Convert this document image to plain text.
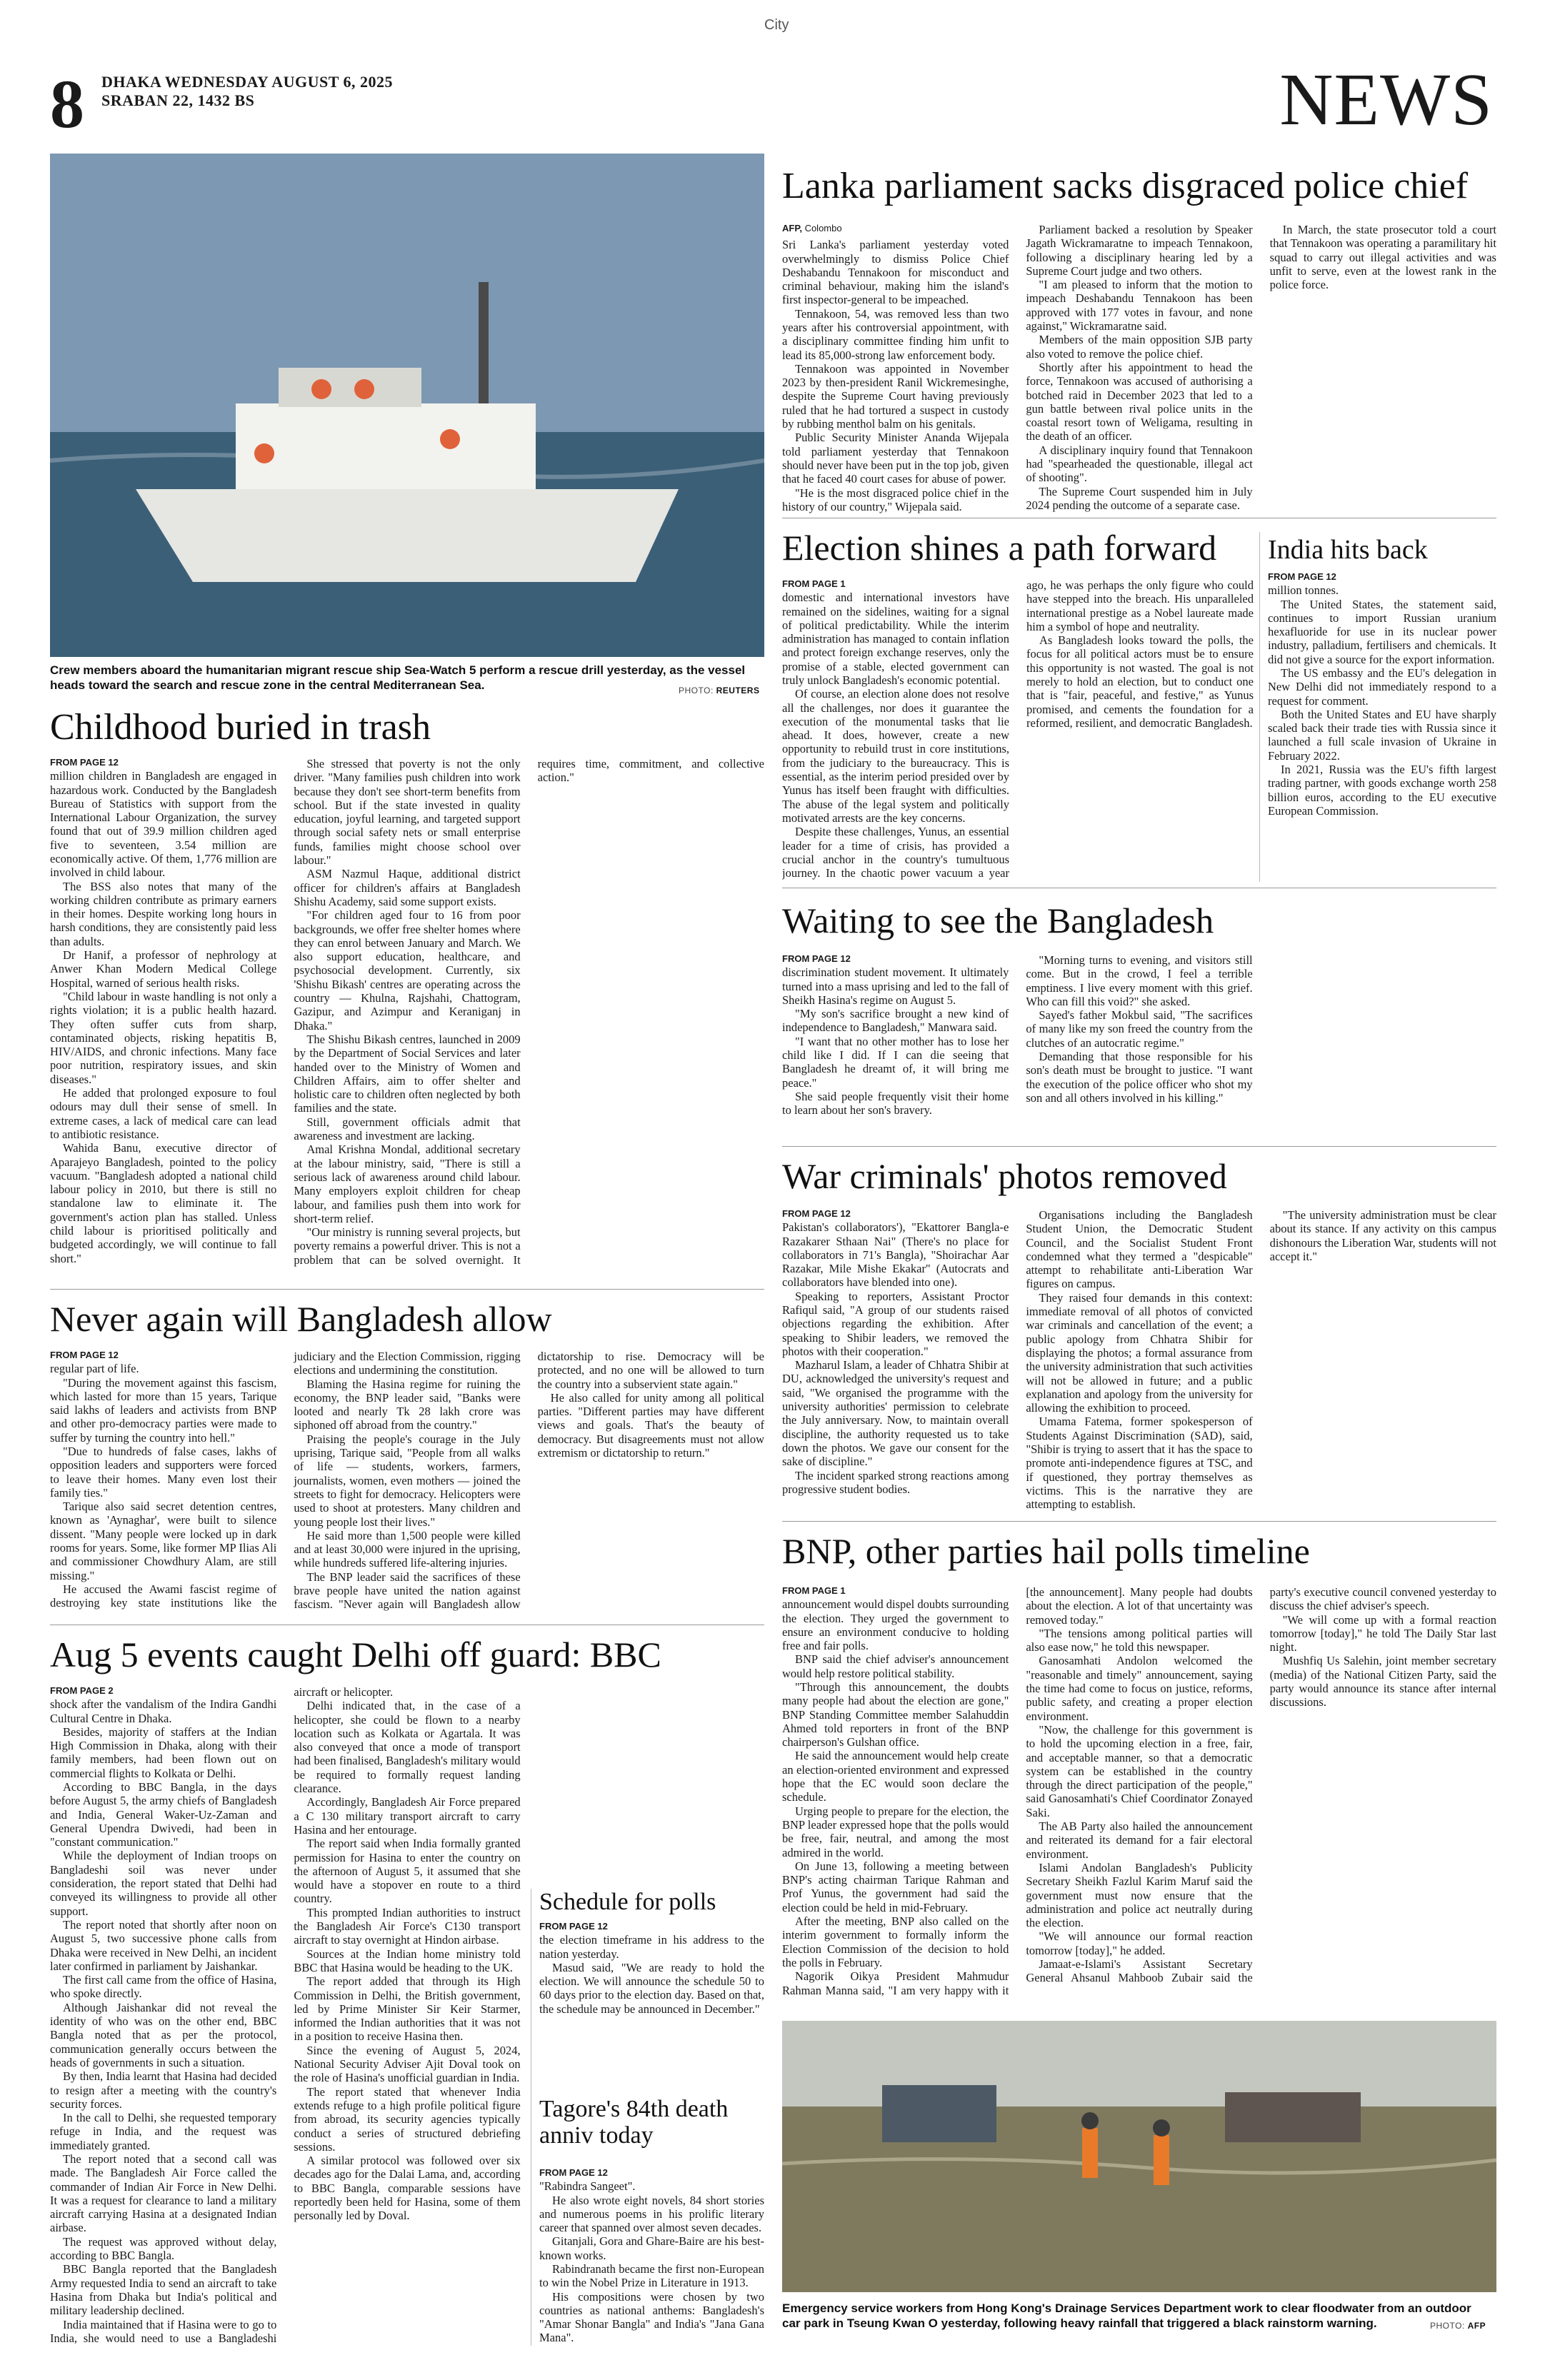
City
8 DHAKA WEDNESDAY AUGUST 6, 2025
SRABAN 22, 1432 BS	NEWS
Crew members aboard the humanitarian migrant rescue ship Sea-Watch 5 perform a rescue drill yesterday, as the vessel heads toward the search and rescue zone in the central Mediterranean Sea.	PHOTO: REUTERS
Lanka parliament sacks disgraced police chief
AFP, Colombo

Sri Lanka's parliament yesterday voted overwhelmingly to dismiss Police Chief Deshabandu Tennakoon for misconduct and criminal behaviour, making him the island's first inspector-general to be impeached.

Tennakoon, 54, was removed less than two years after his controversial appointment, with a disciplinary committee finding him unfit to lead its 85,000-strong law enforcement body.

Tennakoon was appointed in November 2023 by then-president Ranil Wickremesinghe, despite the Supreme Court having previously ruled that he had tortured a suspect in custody by rubbing menthol balm on his genitals.

Public Security Minister Ananda Wijepala told parliament yesterday that Tennakoon should never have been put in the top job, given that he faced 40 court cases for abuse of power.

"He is the most disgraced police chief in the history of our country," Wijepala said.

Parliament backed a resolution by Speaker Jagath Wickramaratne to impeach Tennakoon, following a disciplinary hearing led by a Supreme Court judge and two others.

"I am pleased to inform that the motion to impeach Deshabandu Tennakoon has been approved with 177 votes in favour, and none against," Wickramaratne said.

Members of the main opposition SJB party also voted to remove the police chief.

Shortly after his appointment to head the force, Tennakoon was accused of authorising a botched raid in December 2023 that led to a gun battle between rival police units in the coastal resort town of Weligama, resulting in the death of an officer.

A disciplinary inquiry found that Tennakoon had "spearheaded the questionable, illegal act of shooting".

The Supreme Court suspended him in July 2024 pending the outcome of a separate case.

In March, the state prosecutor told a court that Tennakoon was operating a paramilitary hit squad to carry out illegal activities and was unfit to serve, even at the lowest rank in the police force.

Election shines a path forward
FROM PAGE 1

domestic and international investors have remained on the sidelines, waiting for a signal of political predictability. While the interim administration has managed to contain inflation and protect foreign exchange reserves, only the promise of a stable, elected government can truly unlock Bangladesh's economic potential.

Of course, an election alone does not resolve all the challenges, nor does it guarantee the execution of the monumental tasks that lie ahead. It does, however, create a new opportunity to rebuild trust in core institutions, from the judiciary to the bureaucracy. This is essential, as the interim period presided over by Yunus has itself been fraught with difficulties. The abuse of the legal system and politically motivated arrests are the key concerns.

Despite these challenges, Yunus, an essential leader for a time of crisis, has provided a crucial anchor in the country's tumultuous journey. In the chaotic power vacuum a year ago, he was perhaps the only figure who could have stepped into the breach. His unparalleled international prestige as a Nobel laureate made him a symbol of hope and neutrality.

As Bangladesh looks toward the polls, the focus for all political actors must be to ensure this opportunity is not wasted. The goal is not merely to hold an election, but to conduct one that is "fair, peaceful, and festive," as Yunus promised, and cements the foundation for a reformed, resilient, and democratic Bangladesh.

India hits back
FROM PAGE 12

million tonnes.

The United States, the statement said, continues to import Russian uranium hexafluoride for use in its nuclear power industry, palladium, fertilisers and chemicals. It did not give a source for the export information.

The US embassy and the EU's delegation in New Delhi did not immediately respond to a request for comment.

Both the United States and EU have sharply scaled back their trade ties with Russia since it launched a full scale invasion of Ukraine in February 2022.

In 2021, Russia was the EU's fifth largest trading partner, with goods exchange worth 258 billion euros, according to the EU executive European Commission.

Childhood buried in trash
FROM PAGE 12

million children in Bangladesh are engaged in hazardous work. Conducted by the Bangladesh Bureau of Statistics with support from the International Labour Organization, the survey found that out of 39.9 million children aged five to seventeen, 3.54 million are economically active. Of them, 1,776 million are involved in child labour.

The BSS also notes that many of the working children contribute as primary earners in their homes. Despite working long hours in harsh conditions, they are consistently paid less than adults.

Dr Hanif, a professor of nephrology at Anwer Khan Modern Medical College Hospital, warned of serious health risks.

"Child labour in waste handling is not only a rights violation; it is a public health hazard. They often suffer cuts from sharp, contaminated objects, risking hepatitis B, HIV/AIDS, and chronic infections. Many face poor nutrition, respiratory issues, and skin diseases."

He added that prolonged exposure to foul odours may dull their sense of smell. In extreme cases, a lack of medical care can lead to antibiotic resistance.

Wahida Banu, executive director of Aparajeyo Bangladesh, pointed to the policy vacuum. "Bangladesh adopted a national child labour policy in 2010, but there is still no standalone law to eliminate it. The government's action plan has stalled. Unless child labour is prioritised politically and budgeted accordingly, we will continue to fall short."

She stressed that poverty is not the only driver. "Many families push children into work because they don't see short-term benefits from school. But if the state invested in quality education, joyful learning, and targeted support through social safety nets or small enterprise funds, families might choose school over labour."

ASM Nazmul Haque, additional district officer for children's affairs at Bangladesh Shishu Academy, said some support exists.

"For children aged four to 16 from poor backgrounds, we offer free shelter homes where they can enrol between January and March. We also support education, healthcare, and psychosocial development. Currently, six 'Shishu Bikash' centres are operating across the country — Khulna, Rajshahi, Chattogram, Gazipur, and Azimpur and Keraniganj in Dhaka."

The Shishu Bikash centres, launched in 2009 by the Department of Social Services and later handed over to the Ministry of Women and Children Affairs, aim to offer shelter and holistic care to children often neglected by both families and the state.

Still, government officials admit that awareness and investment are lacking.

Amal Krishna Mondal, additional secretary at the labour ministry, said, "There is still a serious lack of awareness around child labour. Many employers exploit children for cheap labour, and families push them into work for short-term relief.

"Our ministry is running several projects, but poverty remains a powerful driver. This is not a problem that can be solved overnight. It requires time, commitment, and collective action."

Waiting to see the Bangladesh
FROM PAGE 12

discrimination student movement. It ultimately turned into a mass uprising and led to the fall of Sheikh Hasina's regime on August 5.

"My son's sacrifice brought a new kind of independence to Bangladesh," Manwara said.

"I want that no other mother has to lose her child like I did. If I can die seeing that Bangladesh he dreamt of, it will bring me peace."

She said people frequently visit their home to learn about her son's bravery.

"Morning turns to evening, and visitors still come. But in the crowd, I feel a terrible emptiness. I live every moment with this grief. Who can fill this void?" she asked.

Sayed's father Mokbul said, "The sacrifices of many like my son freed the country from the clutches of an autocratic regime."

Demanding that those responsible for his son's death must be brought to justice. "I want the execution of the police officer who shot my son and all others involved in his killing."

War criminals' photos removed
FROM PAGE 12

Pakistan's collaborators'), "Ekattorer Bangla-e Razakarer Sthaan Nai" (There's no place for collaborators in 71's Bangla), "Shoirachar Aar Razakar, Mile Mishe Ekakar" (Autocrats and collaborators have blended into one).

Speaking to reporters, Assistant Proctor Rafiqul said, "A group of our students raised objections regarding the exhibition. After speaking to Shibir leaders, we removed the photos with their cooperation."

Mazharul Islam, a leader of Chhatra Shibir at DU, acknowledged the university's request and said, "We organised the programme with the university authorities' permission to celebrate the July anniversary. Now, to maintain overall discipline, the authority requested us to take down the photos. We gave our consent for the sake of discipline."

The incident sparked strong reactions among progressive student bodies.

Organisations including the Bangladesh Student Union, the Democratic Student Council, and the Socialist Student Front condemned what they termed a "despicable" attempt to rehabilitate anti-Liberation War figures on campus.

They raised four demands in this context: immediate removal of all photos of convicted war criminals and cancellation of the event; a public apology from Chhatra Shibir for displaying the photos; a formal assurance from the university administration that such activities will not be allowed in future; and a public explanation and apology from the university for allowing the exhibition to proceed.

Umama Fatema, former spokesperson of Students Against Discrimination (SAD), said, "Shibir is trying to assert that it has the space to promote anti-independence figures at TSC, and if questioned, they portray themselves as victims. This is the narrative they are attempting to establish.

"The university administration must be clear about its stance. If any activity on this campus dishonours the Liberation War, students will not accept it."

Never again will Bangladesh allow
FROM PAGE 12

regular part of life.

"During the movement against this fascism, which lasted for more than 15 years, Tarique said lakhs of leaders and activists from BNP and other pro-democracy parties were made to suffer by turning the country into hell."

"Due to hundreds of false cases, lakhs of opposition leaders and supporters were forced to leave their homes. Many even lost their family ties."

Tarique also said secret detention centres, known as 'Aynaghar', were built to silence dissent. "Many people were locked up in dark rooms for years. Some, like former MP Ilias Ali and commissioner Chowdhury Alam, are still missing."

He accused the Awami fascist regime of destroying key state institutions like the judiciary and the Election Commission, rigging elections and undermining the constitution.

Blaming the Hasina regime for ruining the economy, the BNP leader said, "Banks were looted and nearly Tk 28 lakh crore was siphoned off abroad from the country."

Praising the people's courage in the July uprising, Tarique said, "People from all walks of life — students, workers, farmers, journalists, women, even mothers — joined the streets to fight for democracy. Helicopters were used to shoot at protesters. Many children and young people lost their lives."

He said more than 1,500 people were killed and at least 30,000 were injured in the uprising, while hundreds suffered life-altering injuries.

The BNP leader said the sacrifices of these brave people have united the nation against fascism. "Never again will Bangladesh allow dictatorship to rise. Democracy will be protected, and no one will be allowed to turn the country into a subservient state again."

He also called for unity among all political parties. "Different parties may have different views and goals. That's the beauty of democracy. But disagreements must not allow extremism or dictatorship to return."

BNP, other parties hail polls timeline
FROM PAGE 1

announcement would dispel doubts surrounding the election. They urged the government to ensure an environment conducive to holding free and fair polls.

BNP said the chief adviser's announcement would help restore political stability.

"Through this announcement, the doubts many people had about the election are gone," BNP Standing Committee member Salahuddin Ahmed told reporters in front of the BNP chairperson's Gulshan office.

He said the announcement would help create an election-oriented environment and expressed hope that the EC would soon declare the schedule.

Urging people to prepare for the election, the BNP leader expressed hope that the polls would be free, fair, neutral, and among the most admired in the world.

On June 13, following a meeting between BNP's acting chairman Tarique Rahman and Prof Yunus, the government had said the election could be held in mid-February.

After the meeting, BNP also called on the interim government to formally inform the Election Commission of the decision to hold the polls in February.

Nagorik Oikya President Mahmudur Rahman Manna said, "I am very happy with it [the announcement]. Many people had doubts about the election. A lot of that uncertainty was removed today."

"The tensions among political parties will also ease now," he told this newspaper.

Ganosamhati Andolon welcomed the "reasonable and timely" announcement, saying the time had come to focus on justice, reforms, public safety, and creating a proper election environment.

"Now, the challenge for this government is to hold the upcoming election in a free, fair, and acceptable manner, so that a democratic system can be established in the country through the direct participation of the people," said Ganosamhati's Chief Coordinator Zonayed Saki.

The AB Party also hailed the announcement and reiterated its demand for a fair electoral environment.

Islami Andolan Bangladesh's Publicity Secretary Sheikh Fazlul Karim Maruf said the government must now ensure that the administration and police act neutrally during the election.

"We will announce our formal reaction tomorrow [today]," he added.

Jamaat-e-Islami's Assistant Secretary General Ahsanul Mahboob Zubair said the party's executive council convened yesterday to discuss the chief adviser's speech.

"We will come up with a formal reaction tomorrow [today]," he told The Daily Star last night.

Mushfiq Us Salehin, joint member secretary (media) of the National Citizen Party, said the party would announce its stance after internal discussions.

Aug 5 events caught Delhi off guard: BBC
FROM PAGE 2

shock after the vandalism of the Indira Gandhi Cultural Centre in Dhaka.

Besides, majority of staffers at the Indian High Commission in Dhaka, along with their family members, had been flown out on commercial flights to Kolkata or Delhi.

According to BBC Bangla, in the days before August 5, the army chiefs of Bangladesh and India, General Waker-Uz-Zaman and General Upendra Dwivedi, had been in "constant communication."

While the deployment of Indian troops on Bangladeshi soil was never under consideration, the report stated that Delhi had conveyed its willingness to provide all other support.

The report noted that shortly after noon on August 5, two successive phone calls from Dhaka were received in New Delhi, an incident later confirmed in parliament by Jaishankar.

The first call came from the office of Hasina, who spoke directly.

Although Jaishankar did not reveal the identity of who was on the other end, BBC Bangla noted that as per the protocol, communication generally occurs between the heads of governments in such a situation.

By then, India learnt that Hasina had decided to resign after a meeting with the country's security forces.

In the call to Delhi, she requested temporary refuge in India, and the request was immediately granted.

The report noted that a second call was made. The Bangladesh Air Force called the commander of Indian Air Force in New Delhi. It was a request for clearance to land a military aircraft carrying Hasina at a designated Indian airbase.

The request was approved without delay, according to BBC Bangla.

BBC Bangla reported that the Bangladesh Army requested India to send an aircraft to take Hasina from Dhaka but India's political and military leadership declined.

India maintained that if Hasina were to go to India, she would need to use a Bangladeshi aircraft or helicopter.

Delhi indicated that, in the case of a helicopter, she could be flown to a nearby location such as Kolkata or Agartala. It was also conveyed that once a mode of transport had been finalised, Bangladesh's military would be required to formally request landing clearance.

Accordingly, Bangladesh Air Force prepared a C 130 military transport aircraft to carry Hasina and her entourage.

The report said when India formally granted permission for Hasina to enter the country on the afternoon of August 5, it assumed that she would have a stopover en route to a third country.

This prompted Indian authorities to instruct the Bangladesh Air Force's C130 transport aircraft to stay overnight at Hindon airbase.

Sources at the Indian home ministry told BBC that Hasina would be heading to the UK.

The report added that through its High Commission in Delhi, the British government, led by Prime Minister Sir Keir Starmer, informed the Indian authorities that it was not in a position to receive Hasina then.

Since the evening of August 5, 2024, National Security Adviser Ajit Doval took on the role of Hasina's unofficial guardian in India.

The report stated that whenever India extends refuge to a high profile political figure from abroad, its security agencies typically conduct a series of structured debriefing sessions.

A similar protocol was followed over six decades ago for the Dalai Lama, and, according to BBC Bangla, comparable sessions have reportedly been held for Hasina, some of them personally led by Doval.

Schedule for polls
FROM PAGE 12

the election timeframe in his address to the nation yesterday.

Masud said, "We are ready to hold the election. We will announce the schedule 50 to 60 days prior to the election day. Based on that, the schedule may be announced in December."

Tagore's 84th death anniv today
FROM PAGE 12

"Rabindra Sangeet".

He also wrote eight novels, 84 short stories and numerous poems in his prolific literary career that spanned over almost seven decades.

Gitanjali, Gora and Ghare-Baire are his best-known works.

Rabindranath became the first non-European to win the Nobel Prize in Literature in 1913.

His compositions were chosen by two countries as national anthems: Bangladesh's "Amar Shonar Bangla" and India's "Jana Gana Mana".

Emergency service workers from Hong Kong's Drainage Services Department work to clear floodwater from an outdoor car park in Tseung Kwan O yesterday, following heavy rainfall that triggered a black rainstorm warning.	PHOTO: AFP
